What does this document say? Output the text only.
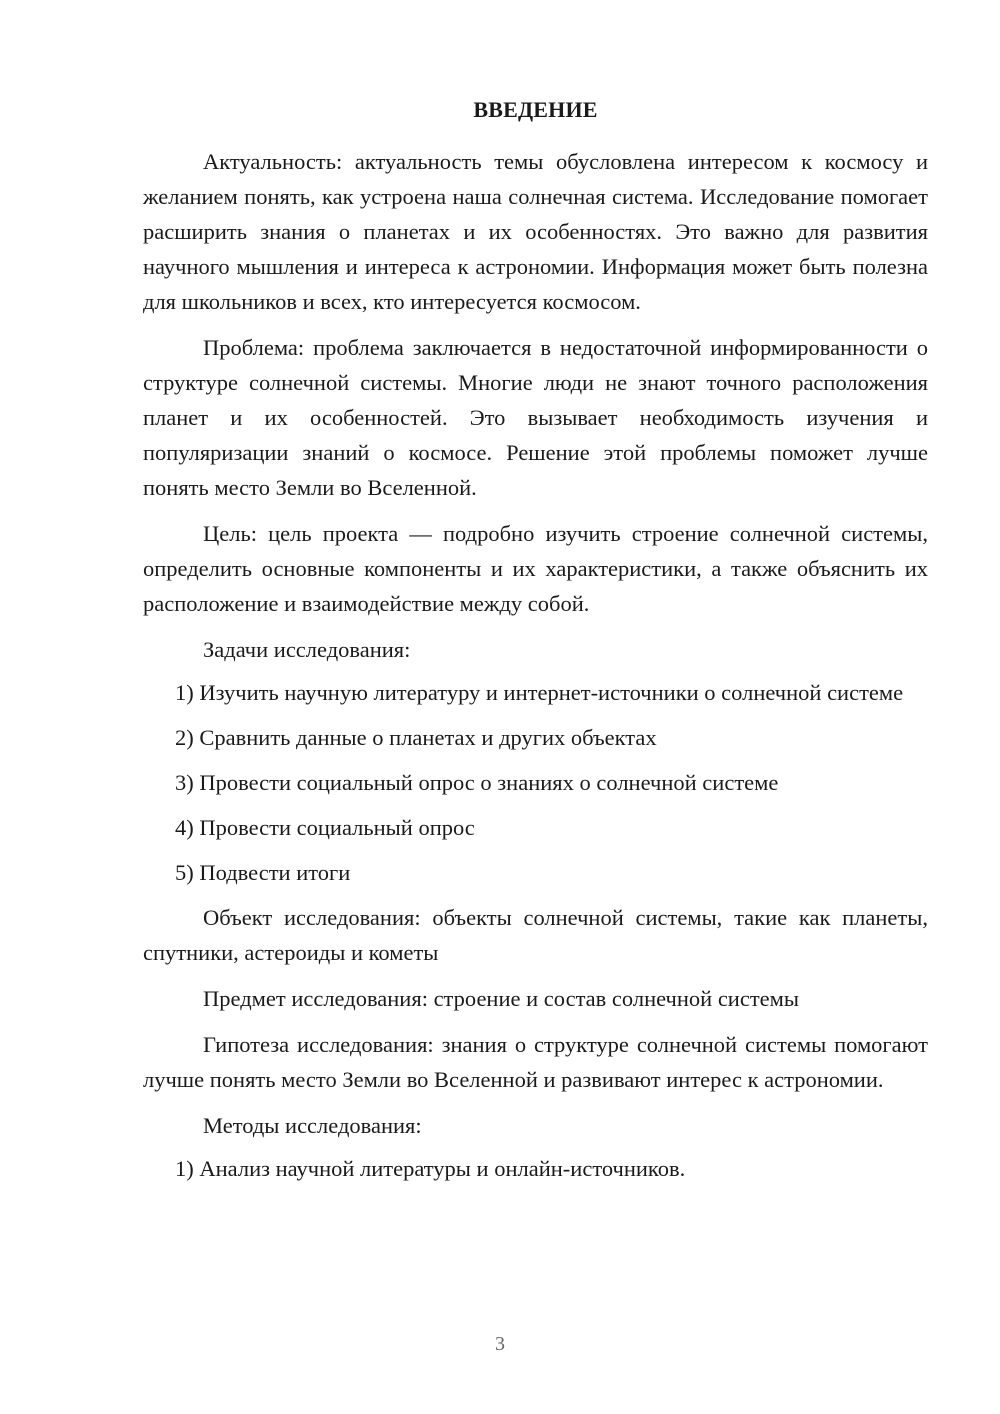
ВВЕДЕНИЕ

Актуальность: актуальность темы обусловлена интересом к космосу и желанием понять, как устроена наша солнечная система. Исследование помогает расширить знания о планетах и их особенностях. Это важно для развития научного мышления и интереса к астрономии. Информация может быть полезна для школьников и всех, кто интересуется космосом.

Проблема: проблема заключается в недостаточной информированности о структуре солнечной системы. Многие люди не знают точного расположения планет и их особенностей. Это вызывает необходимость изучения и популяризации знаний о космосе. Решение этой проблемы поможет лучше понять место Земли во Вселенной.

Цель: цель проекта — подробно изучить строение солнечной системы, определить основные компоненты и их характеристики, а также объяснить их расположение и взаимодействие между собой.

Задачи исследования:

1) Изучить научную литературу и интернет-источники о солнечной системе

2) Сравнить данные о планетах и других объектах

3) Провести социальный опрос о знаниях о солнечной системе

4) Провести социальный опрос

5) Подвести итоги

Объект исследования: объекты солнечной системы, такие как планеты, спутники, астероиды и кометы

Предмет исследования: строение и состав солнечной системы

Гипотеза исследования: знания о структуре солнечной системы помогают лучше понять место Земли во Вселенной и развивают интерес к астрономии.

Методы исследования:

1) Анализ научной литературы и онлайн-источников.

3
